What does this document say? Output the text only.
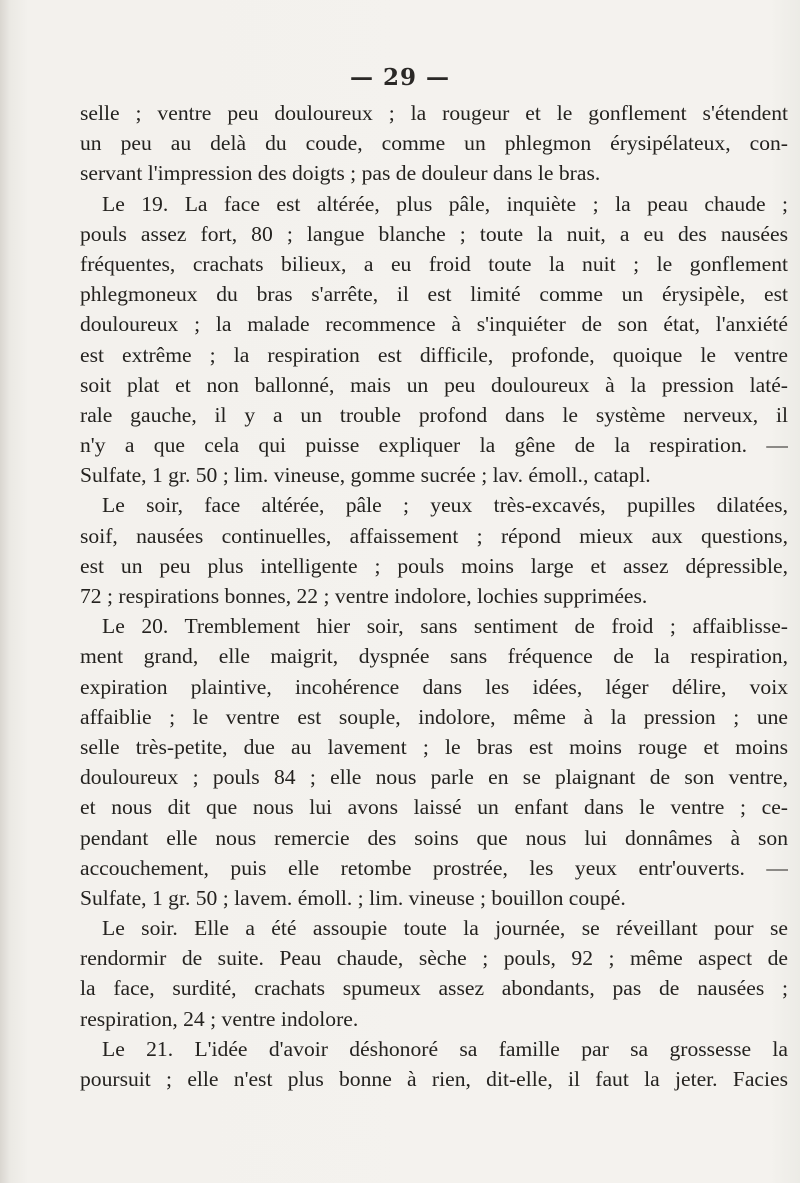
— 29 —
selle ; ventre peu douloureux ; la rougeur et le gonflement s'étendent
un peu au delà du coude, comme un phlegmon érysipélateux, con-
servant l'impression des doigts ; pas de douleur dans le bras.
Le 19. La face est altérée, plus pâle, inquiète ; la peau chaude ;
pouls assez fort, 80 ; langue blanche ; toute la nuit, a eu des nausées
fréquentes, crachats bilieux, a eu froid toute la nuit ; le gonflement
phlegmoneux du bras s'arrête, il est limité comme un érysipèle, est
douloureux ; la malade recommence à s'inquiéter de son état, l'anxiété
est extrême ; la respiration est difficile, profonde, quoique le ventre
soit plat et non ballonné, mais un peu douloureux à la pression laté-
rale gauche, il y a un trouble profond dans le système nerveux, il
n'y a que cela qui puisse expliquer la gêne de la respiration. —
Sulfate, 1 gr. 50 ; lim. vineuse, gomme sucrée ; lav. émoll., catapl.
Le soir, face altérée, pâle ; yeux très-excavés, pupilles dilatées,
soif, nausées continuelles, affaissement ; répond mieux aux questions,
est un peu plus intelligente ; pouls moins large et assez dépressible,
72 ; respirations bonnes, 22 ; ventre indolore, lochies supprimées.
Le 20. Tremblement hier soir, sans sentiment de froid ; affaiblisse-
ment grand, elle maigrit, dyspnée sans fréquence de la respiration,
expiration plaintive, incohérence dans les idées, léger délire, voix
affaiblie ; le ventre est souple, indolore, même à la pression ; une
selle très-petite, due au lavement ; le bras est moins rouge et moins
douloureux ; pouls 84 ; elle nous parle en se plaignant de son ventre,
et nous dit que nous lui avons laissé un enfant dans le ventre ; ce-
pendant elle nous remercie des soins que nous lui donnâmes à son
accouchement, puis elle retombe prostrée, les yeux entr'ouverts. —
Sulfate, 1 gr. 50 ; lavem. émoll. ; lim. vineuse ; bouillon coupé.
Le soir. Elle a été assoupie toute la journée, se réveillant pour se
rendormir de suite. Peau chaude, sèche ; pouls, 92 ; même aspect de
la face, surdité, crachats spumeux assez abondants, pas de nausées ;
respiration, 24 ; ventre indolore.
Le 21. L'idée d'avoir déshonoré sa famille par sa grossesse la
poursuit ; elle n'est plus bonne à rien, dit-elle, il faut la jeter. Facies
